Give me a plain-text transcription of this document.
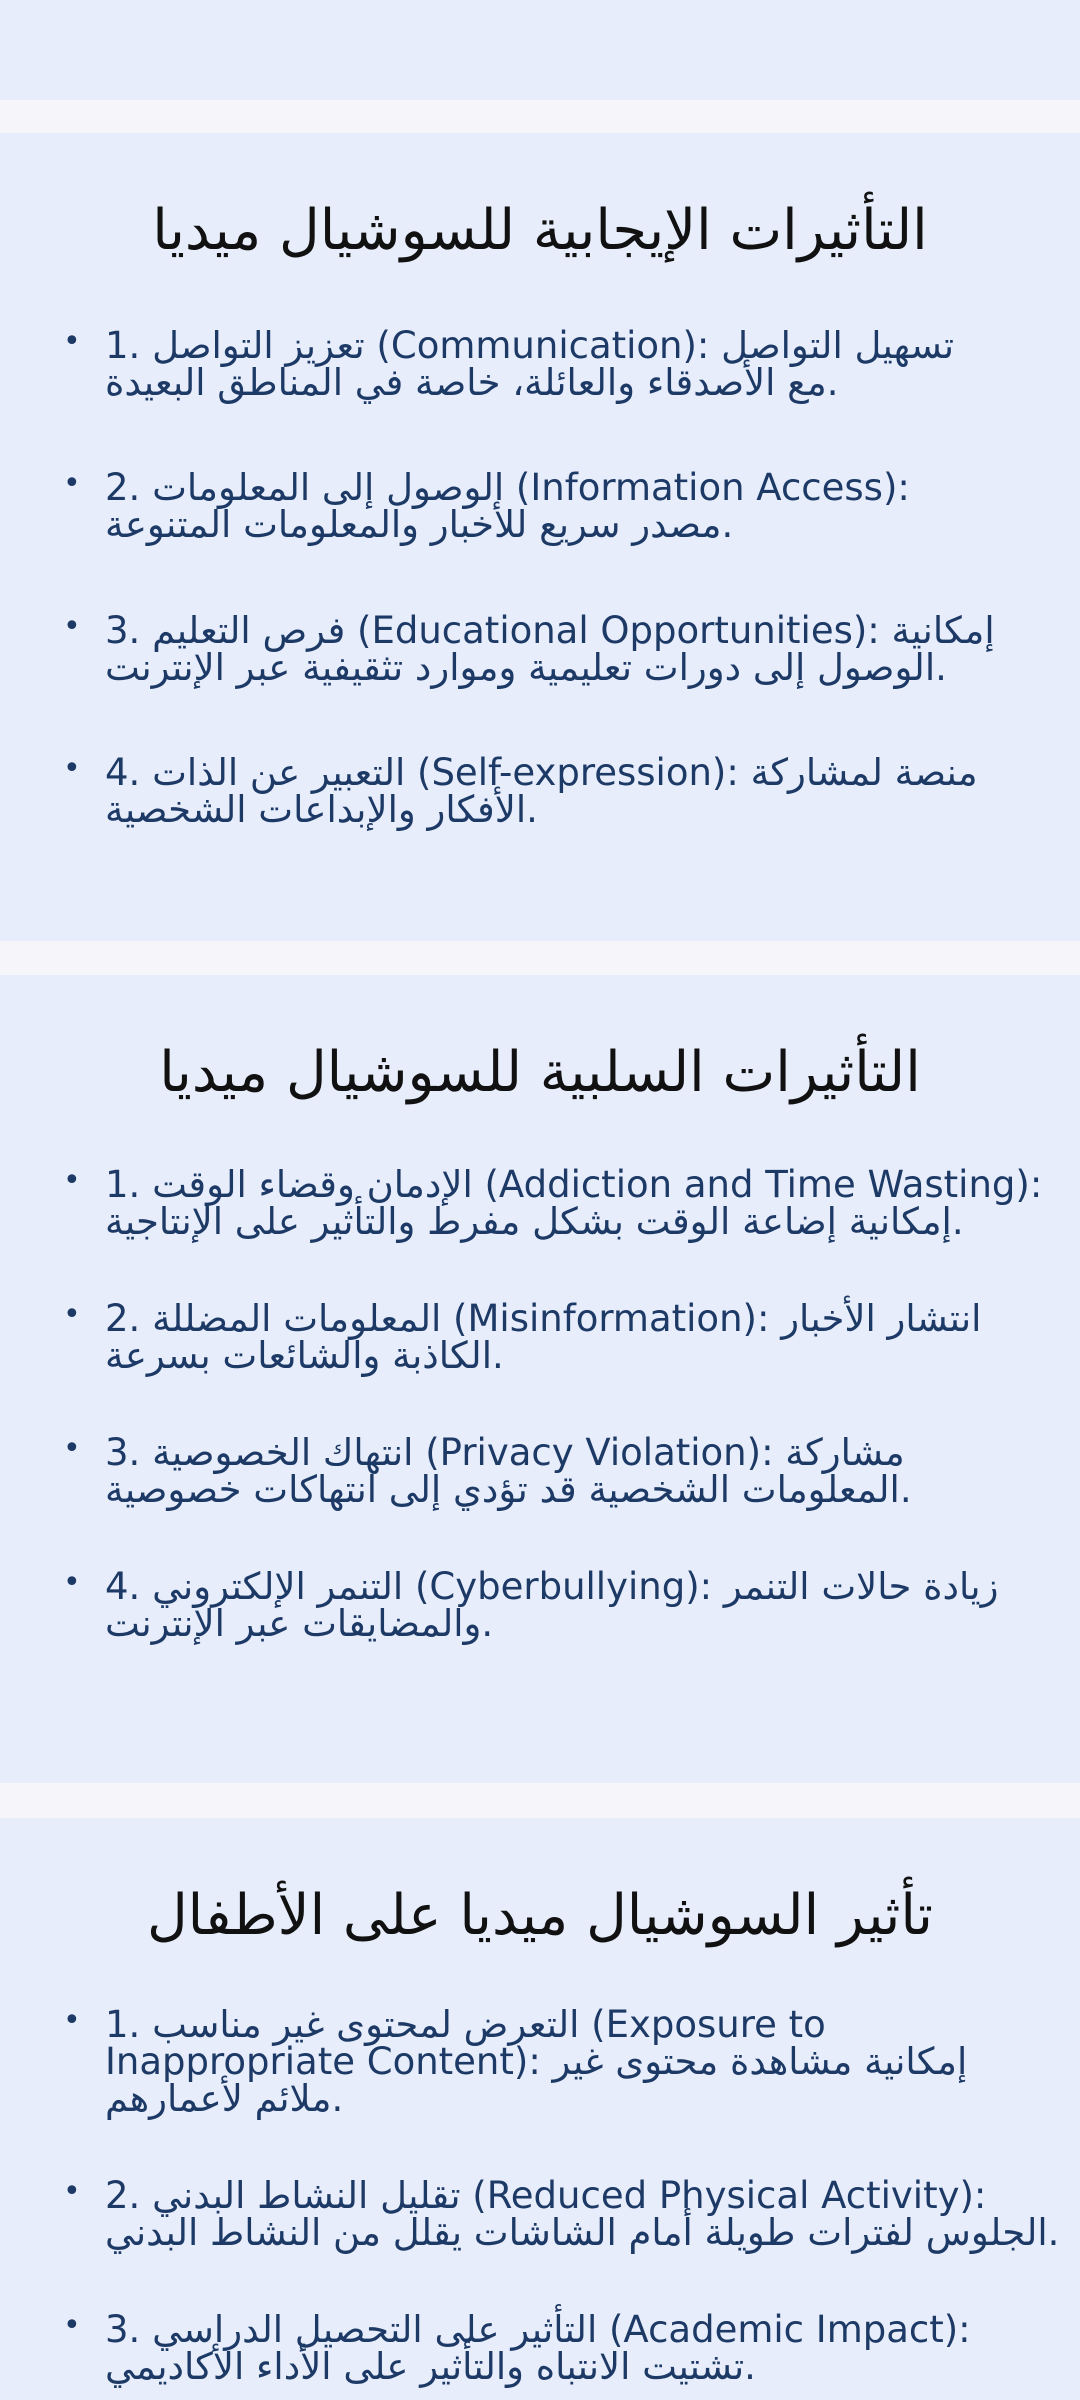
التأثيرات الإيجابية للسوشيال ميديا
• 1. تعزيز التواصل (Communication): تسهيل التواصل
مع الأصدقاء والعائلة، خاصة في المناطق البعيدة.
• 2. الوصول إلى المعلومات (Information Access):
مصدر سريع للأخبار والمعلومات المتنوعة.
• 3. فرص التعليم (Educational Opportunities): إمكانية
الوصول إلى دورات تعليمية وموارد تثقيفية عبر الإنترنت.
• 4. التعبير عن الذات (Self-expression): منصة لمشاركة
الأفكار والإبداعات الشخصية.
التأثيرات السلبية للسوشيال ميديا
• 1. الإدمان وقضاء الوقت (Addiction and Time Wasting):
إمكانية إضاعة الوقت بشكل مفرط والتأثير على الإنتاجية.
• 2. المعلومات المضللة (Misinformation): انتشار الأخبار
الكاذبة والشائعات بسرعة.
• 3. انتهاك الخصوصية (Privacy Violation): مشاركة
المعلومات الشخصية قد تؤدي إلى انتهاكات خصوصية.
• 4. التنمر الإلكتروني (Cyberbullying): زيادة حالات التنمر
والمضايقات عبر الإنترنت.
تأثير السوشيال ميديا على الأطفال
• 1. التعرض لمحتوى غير مناسب (Exposure to
Inappropriate Content): إمكانية مشاهدة محتوى غير
ملائم لأعمارهم.
• 2. تقليل النشاط البدني (Reduced Physical Activity):
الجلوس لفترات طويلة أمام الشاشات يقلل من النشاط البدني.
• 3. التأثير على التحصيل الدراسي (Academic Impact):
تشتيت الانتباه والتأثير على الأداء الأكاديمي.
